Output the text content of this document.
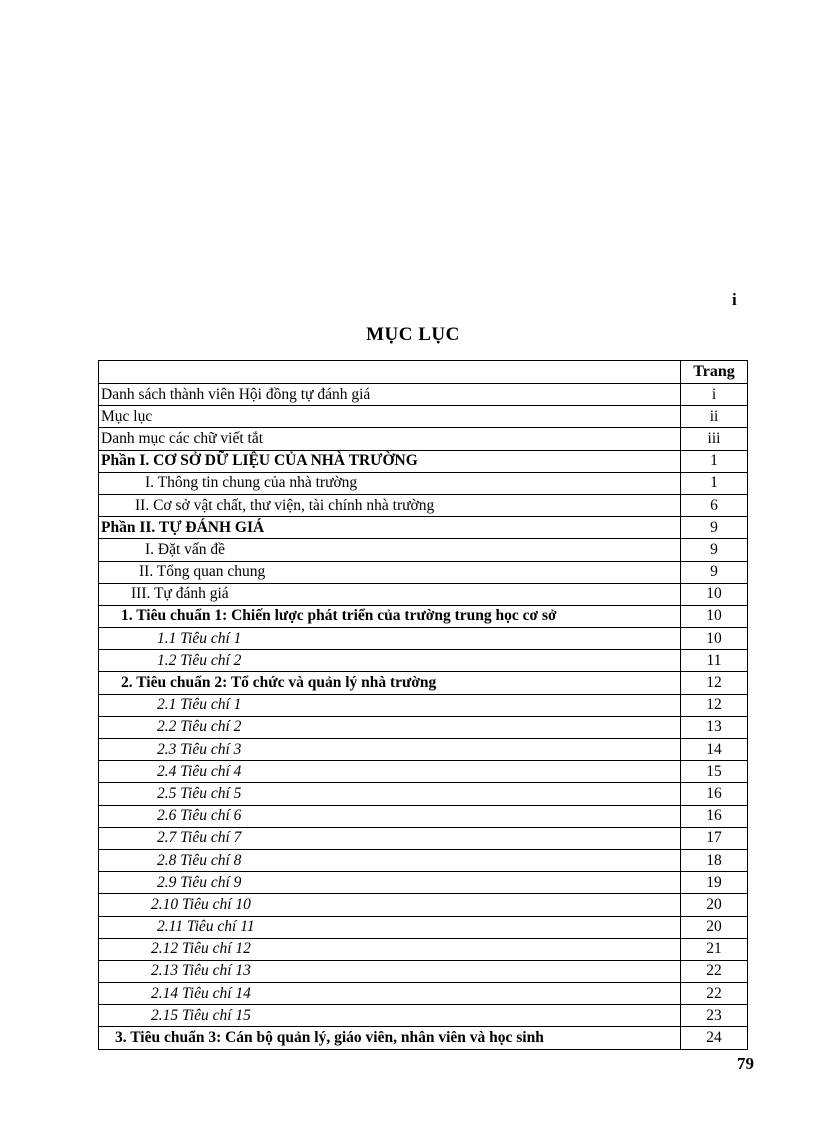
i
MỤC LỤC
	Trang
Danh sách thành viên Hội đồng tự đánh giá	i
Mục lục	ii
Danh mục các chữ viết tắt	iii
Phần I. CƠ SỞ DỮ LIỆU CỦA NHÀ TRƯỜNG	1
I. Thông tin chung của nhà trường	1
II. Cơ sở vật chất, thư viện, tài chính nhà trường	6
Phần II. TỰ ĐÁNH GIÁ	9
I. Đặt vấn đề	9
II. Tổng quan chung	9
III. Tự đánh giá	10
1. Tiêu chuẩn 1: Chiến lược phát triển của trường trung học cơ sở	10
1.1 Tiêu chí 1	10
1.2 Tiêu chí 2	11
2. Tiêu chuẩn 2: Tổ chức và quản lý nhà trường	12
2.1 Tiêu chí 1	12
2.2 Tiêu chí 2	13
2.3 Tiêu chí 3	14
2.4 Tiêu chí 4	15
2.5 Tiêu chí 5	16
2.6 Tiêu chí 6	16
2.7 Tiêu chí 7	17
2.8 Tiêu chí 8	18
2.9 Tiêu chí 9	19
2.10 Tiêu chí 10	20
2.11 Tiêu chí 11	20
2.12 Tiêu chí 12	21
2.13 Tiêu chí 13	22
2.14 Tiêu chí 14	22
2.15 Tiêu chí 15	23
3. Tiêu chuẩn 3: Cán bộ quản lý, giáo viên, nhân viên và học sinh	24
79
